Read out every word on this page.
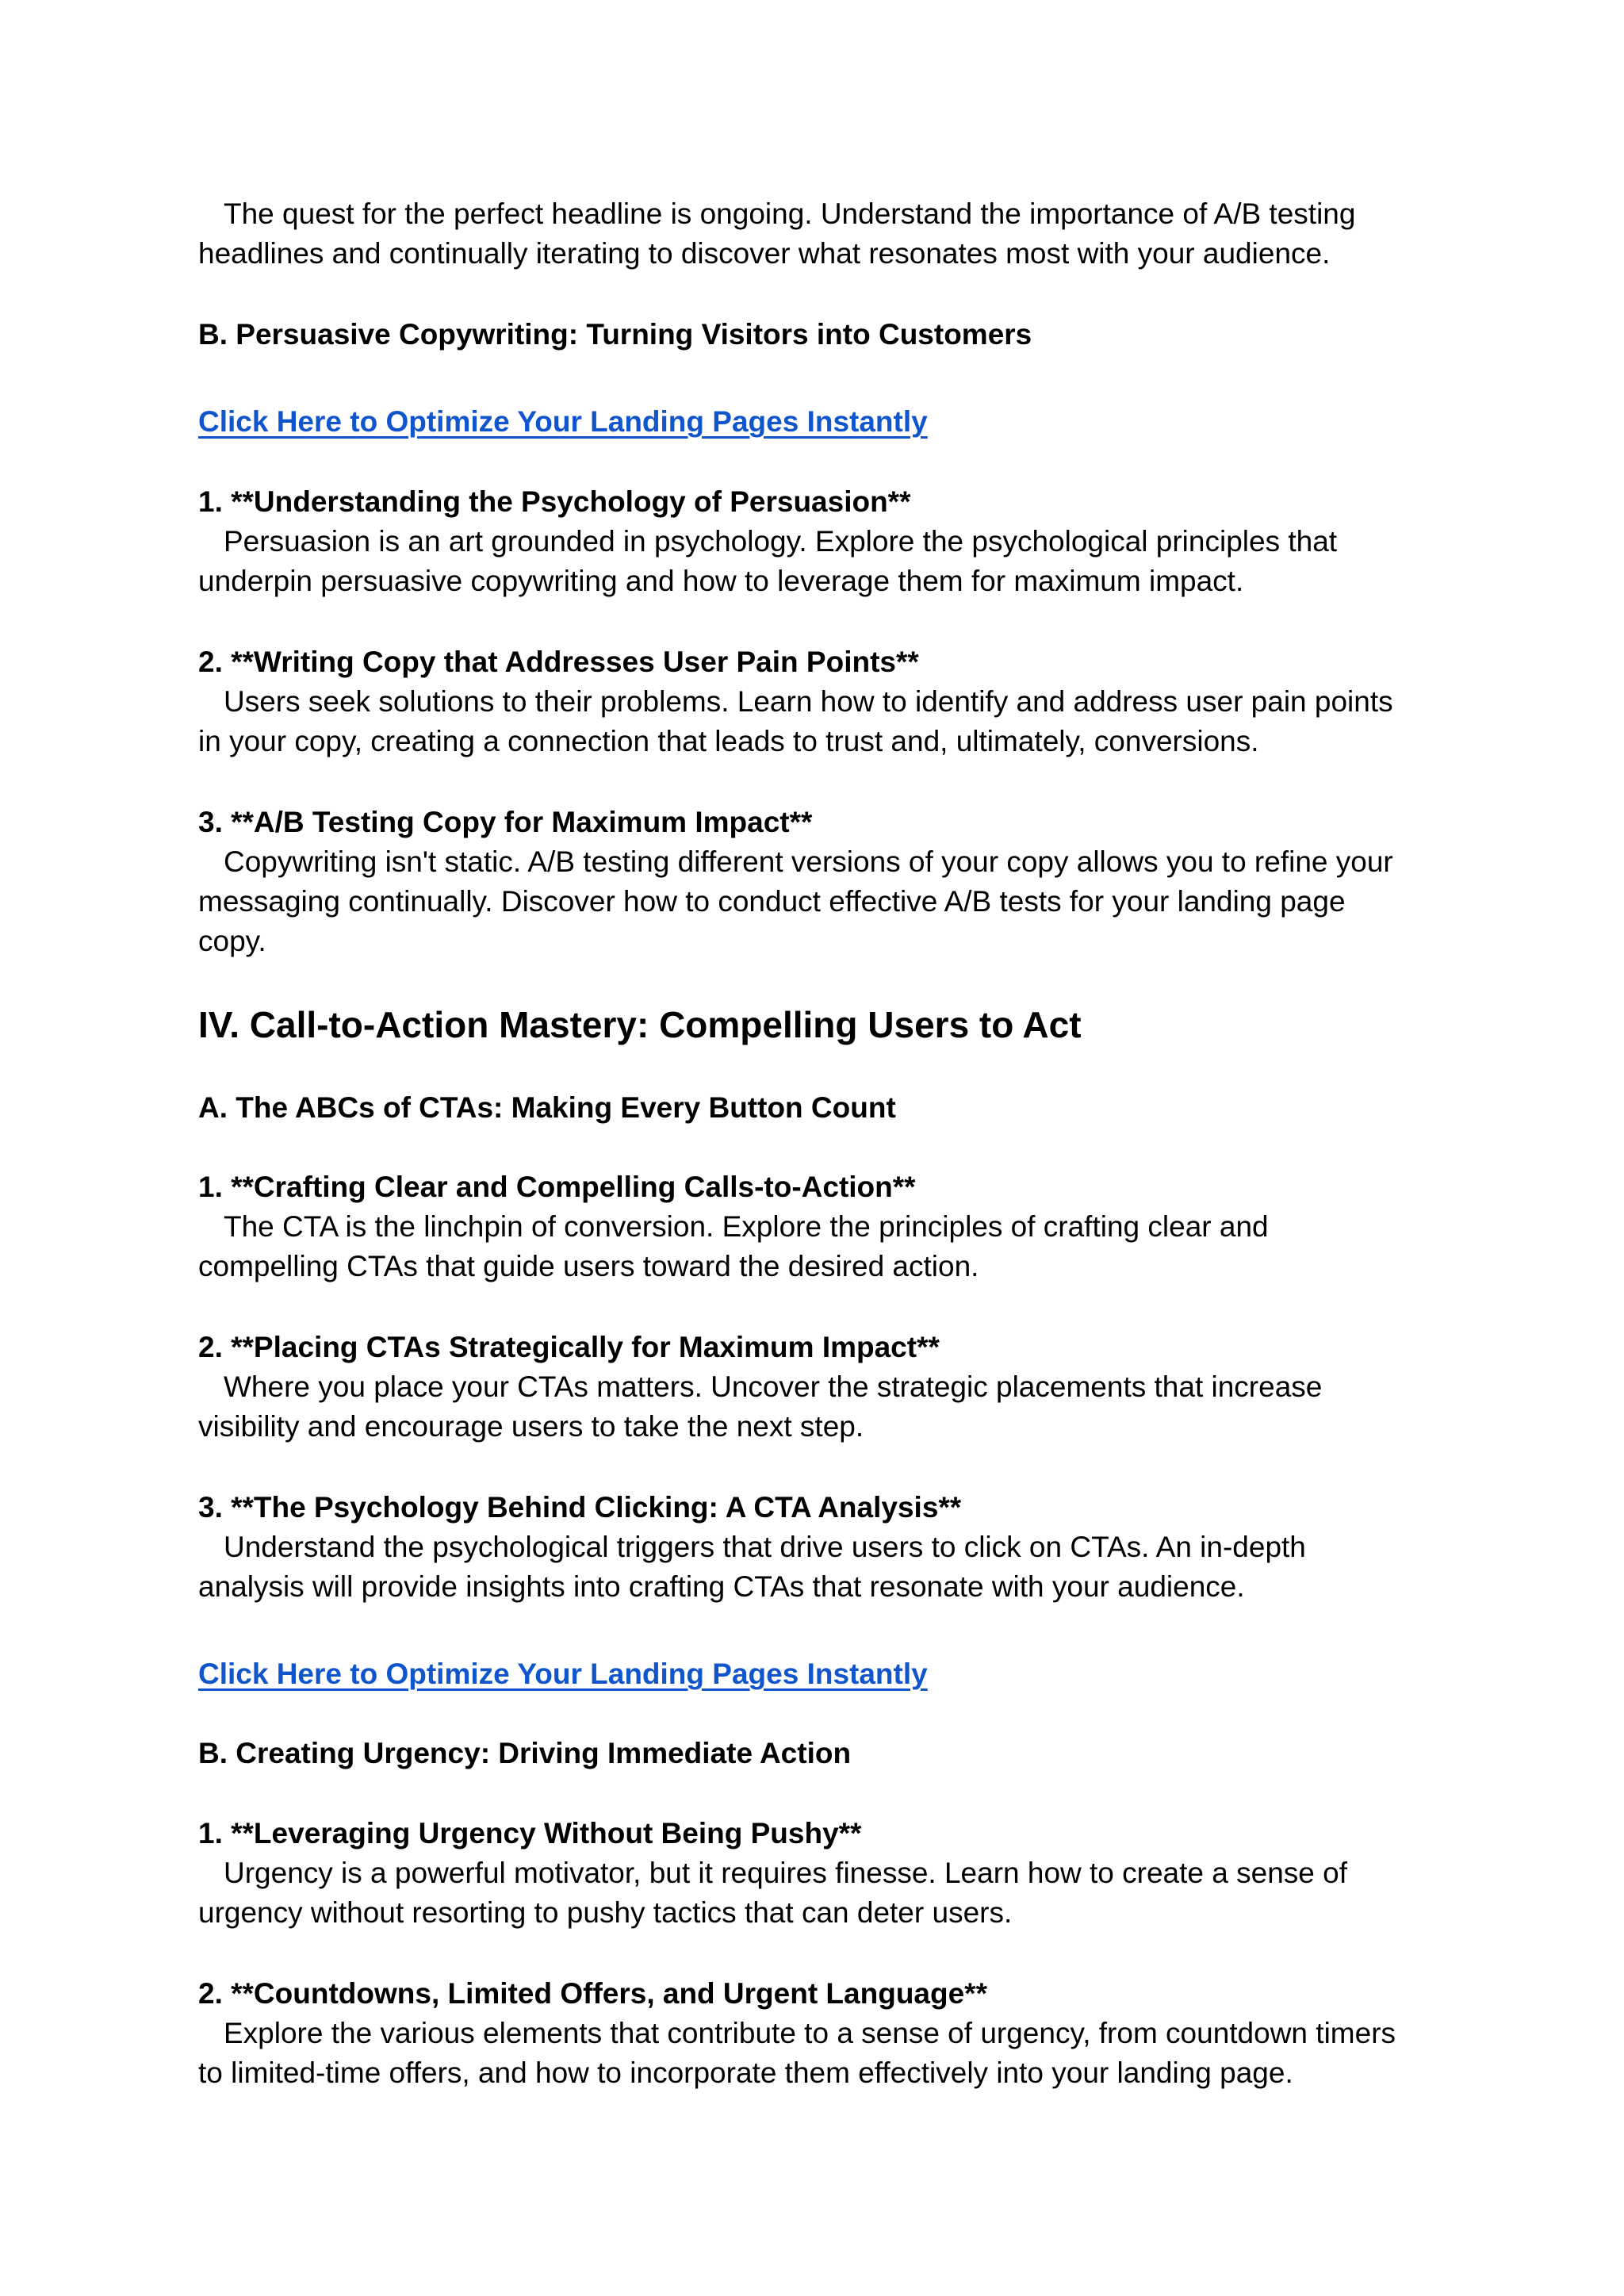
The quest for the perfect headline is ongoing. Understand the importance of A/B testing
headlines and continually iterating to discover what resonates most with your audience.

B. Persuasive Copywriting: Turning Visitors into Customers

Click Here to Optimize Your Landing Pages Instantly

1. **Understanding the Psychology of Persuasion**
Persuasion is an art grounded in psychology. Explore the psychological principles that
underpin persuasive copywriting and how to leverage them for maximum impact.
2. **Writing Copy that Addresses User Pain Points**
Users seek solutions to their problems. Learn how to identify and address user pain points
in your copy, creating a connection that leads to trust and, ultimately, conversions.
3. **A/B Testing Copy for Maximum Impact**
Copywriting isn't static. A/B testing different versions of your copy allows you to refine your
messaging continually. Discover how to conduct effective A/B tests for your landing page
copy.
IV. Call-to-Action Mastery: Compelling Users to Act
A. The ABCs of CTAs: Making Every Button Count
1. **Crafting Clear and Compelling Calls-to-Action**
The CTA is the linchpin of conversion. Explore the principles of crafting clear and
compelling CTAs that guide users toward the desired action.
2. **Placing CTAs Strategically for Maximum Impact**
Where you place your CTAs matters. Uncover the strategic placements that increase
visibility and encourage users to take the next step.
3. **The Psychology Behind Clicking: A CTA Analysis**
Understand the psychological triggers that drive users to click on CTAs. An in-depth
analysis will provide insights into crafting CTAs that resonate with your audience.

Click Here to Optimize Your Landing Pages Instantly

B. Creating Urgency: Driving Immediate Action
1. **Leveraging Urgency Without Being Pushy**
Urgency is a powerful motivator, but it requires finesse. Learn how to create a sense of
urgency without resorting to pushy tactics that can deter users.
2. **Countdowns, Limited Offers, and Urgent Language**
Explore the various elements that contribute to a sense of urgency, from countdown timers
to limited-time offers, and how to incorporate them effectively into your landing page.
